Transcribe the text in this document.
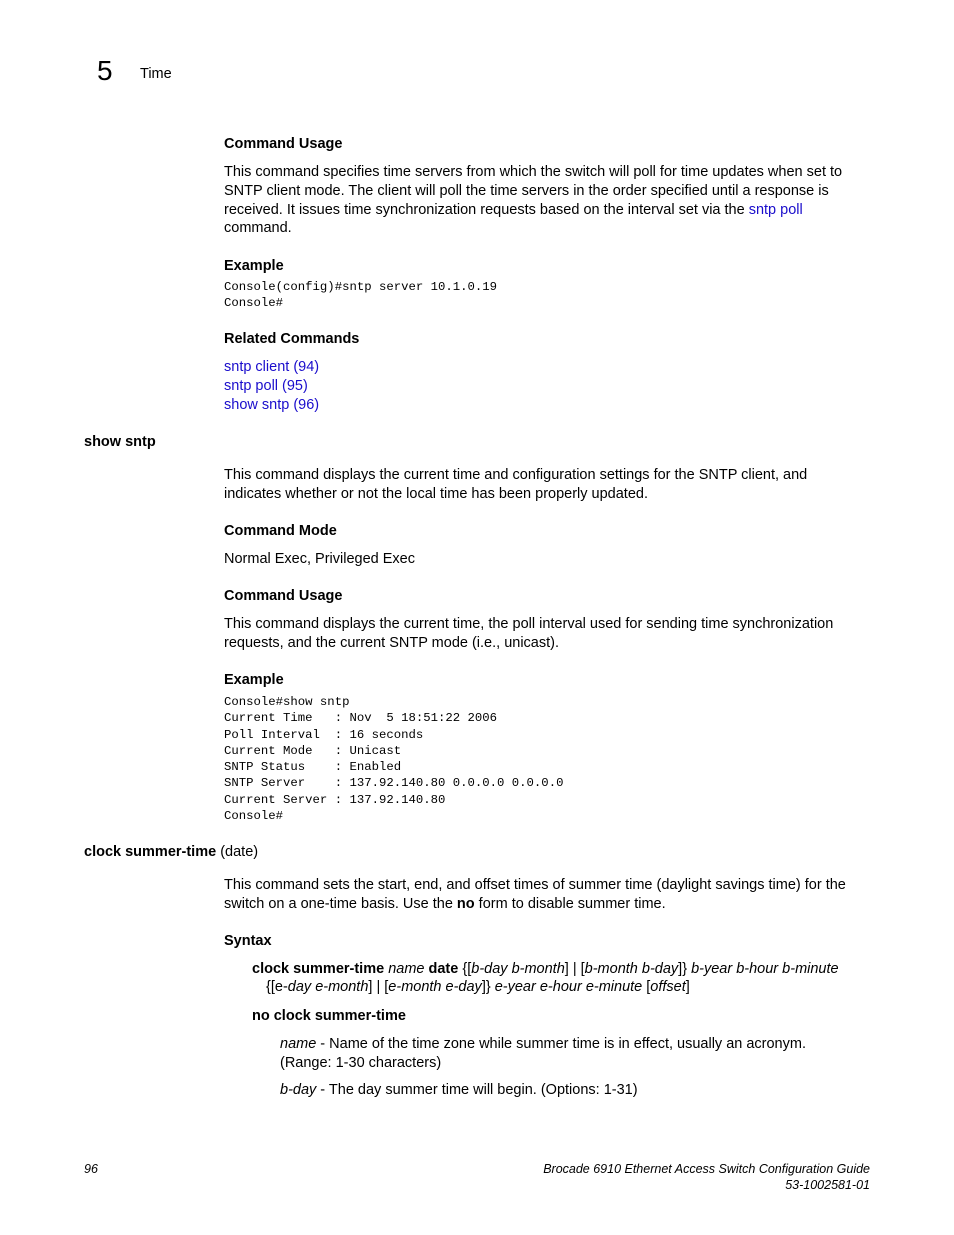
5 Time
Command Usage
This command specifies time servers from which the switch will poll for time updates when set to
SNTP client mode. The client will poll the time servers in the order specified until a response is
received. It issues time synchronization requests based on the interval set via the sntp poll
command.
Example
Console(config)#sntp server 10.1.0.19
Console#
Related Commands
sntp client (94)
sntp poll (95)
show sntp (96)
show sntp
This command displays the current time and configuration settings for the SNTP client, and
indicates whether or not the local time has been properly updated.
Command Mode
Normal Exec, Privileged Exec
Command Usage
This command displays the current time, the poll interval used for sending time synchronization
requests, and the current SNTP mode (i.e., unicast).
Example
Console#show sntp
Current Time   : Nov  5 18:51:22 2006
Poll Interval  : 16 seconds
Current Mode   : Unicast
SNTP Status    : Enabled
SNTP Server    : 137.92.140.80 0.0.0.0 0.0.0.0
Current Server : 137.92.140.80
Console#
clock summer-time (date)
This command sets the start, end, and offset times of summer time (daylight savings time) for the
switch on a one-time basis. Use the no form to disable summer time.
Syntax
clock summer-time name date {[b-day b-month] | [b-month b-day]} b-year b-hour b-minute
{[e-day e-month] | [e-month e-day]} e-year e-hour e-minute [offset]
no clock summer-time
name - Name of the time zone while summer time is in effect, usually an acronym.
(Range: 1-30 characters)
b-day - The day summer time will begin. (Options: 1-31)
96	Brocade 6910 Ethernet Access Switch Configuration Guide
53-1002581-01
